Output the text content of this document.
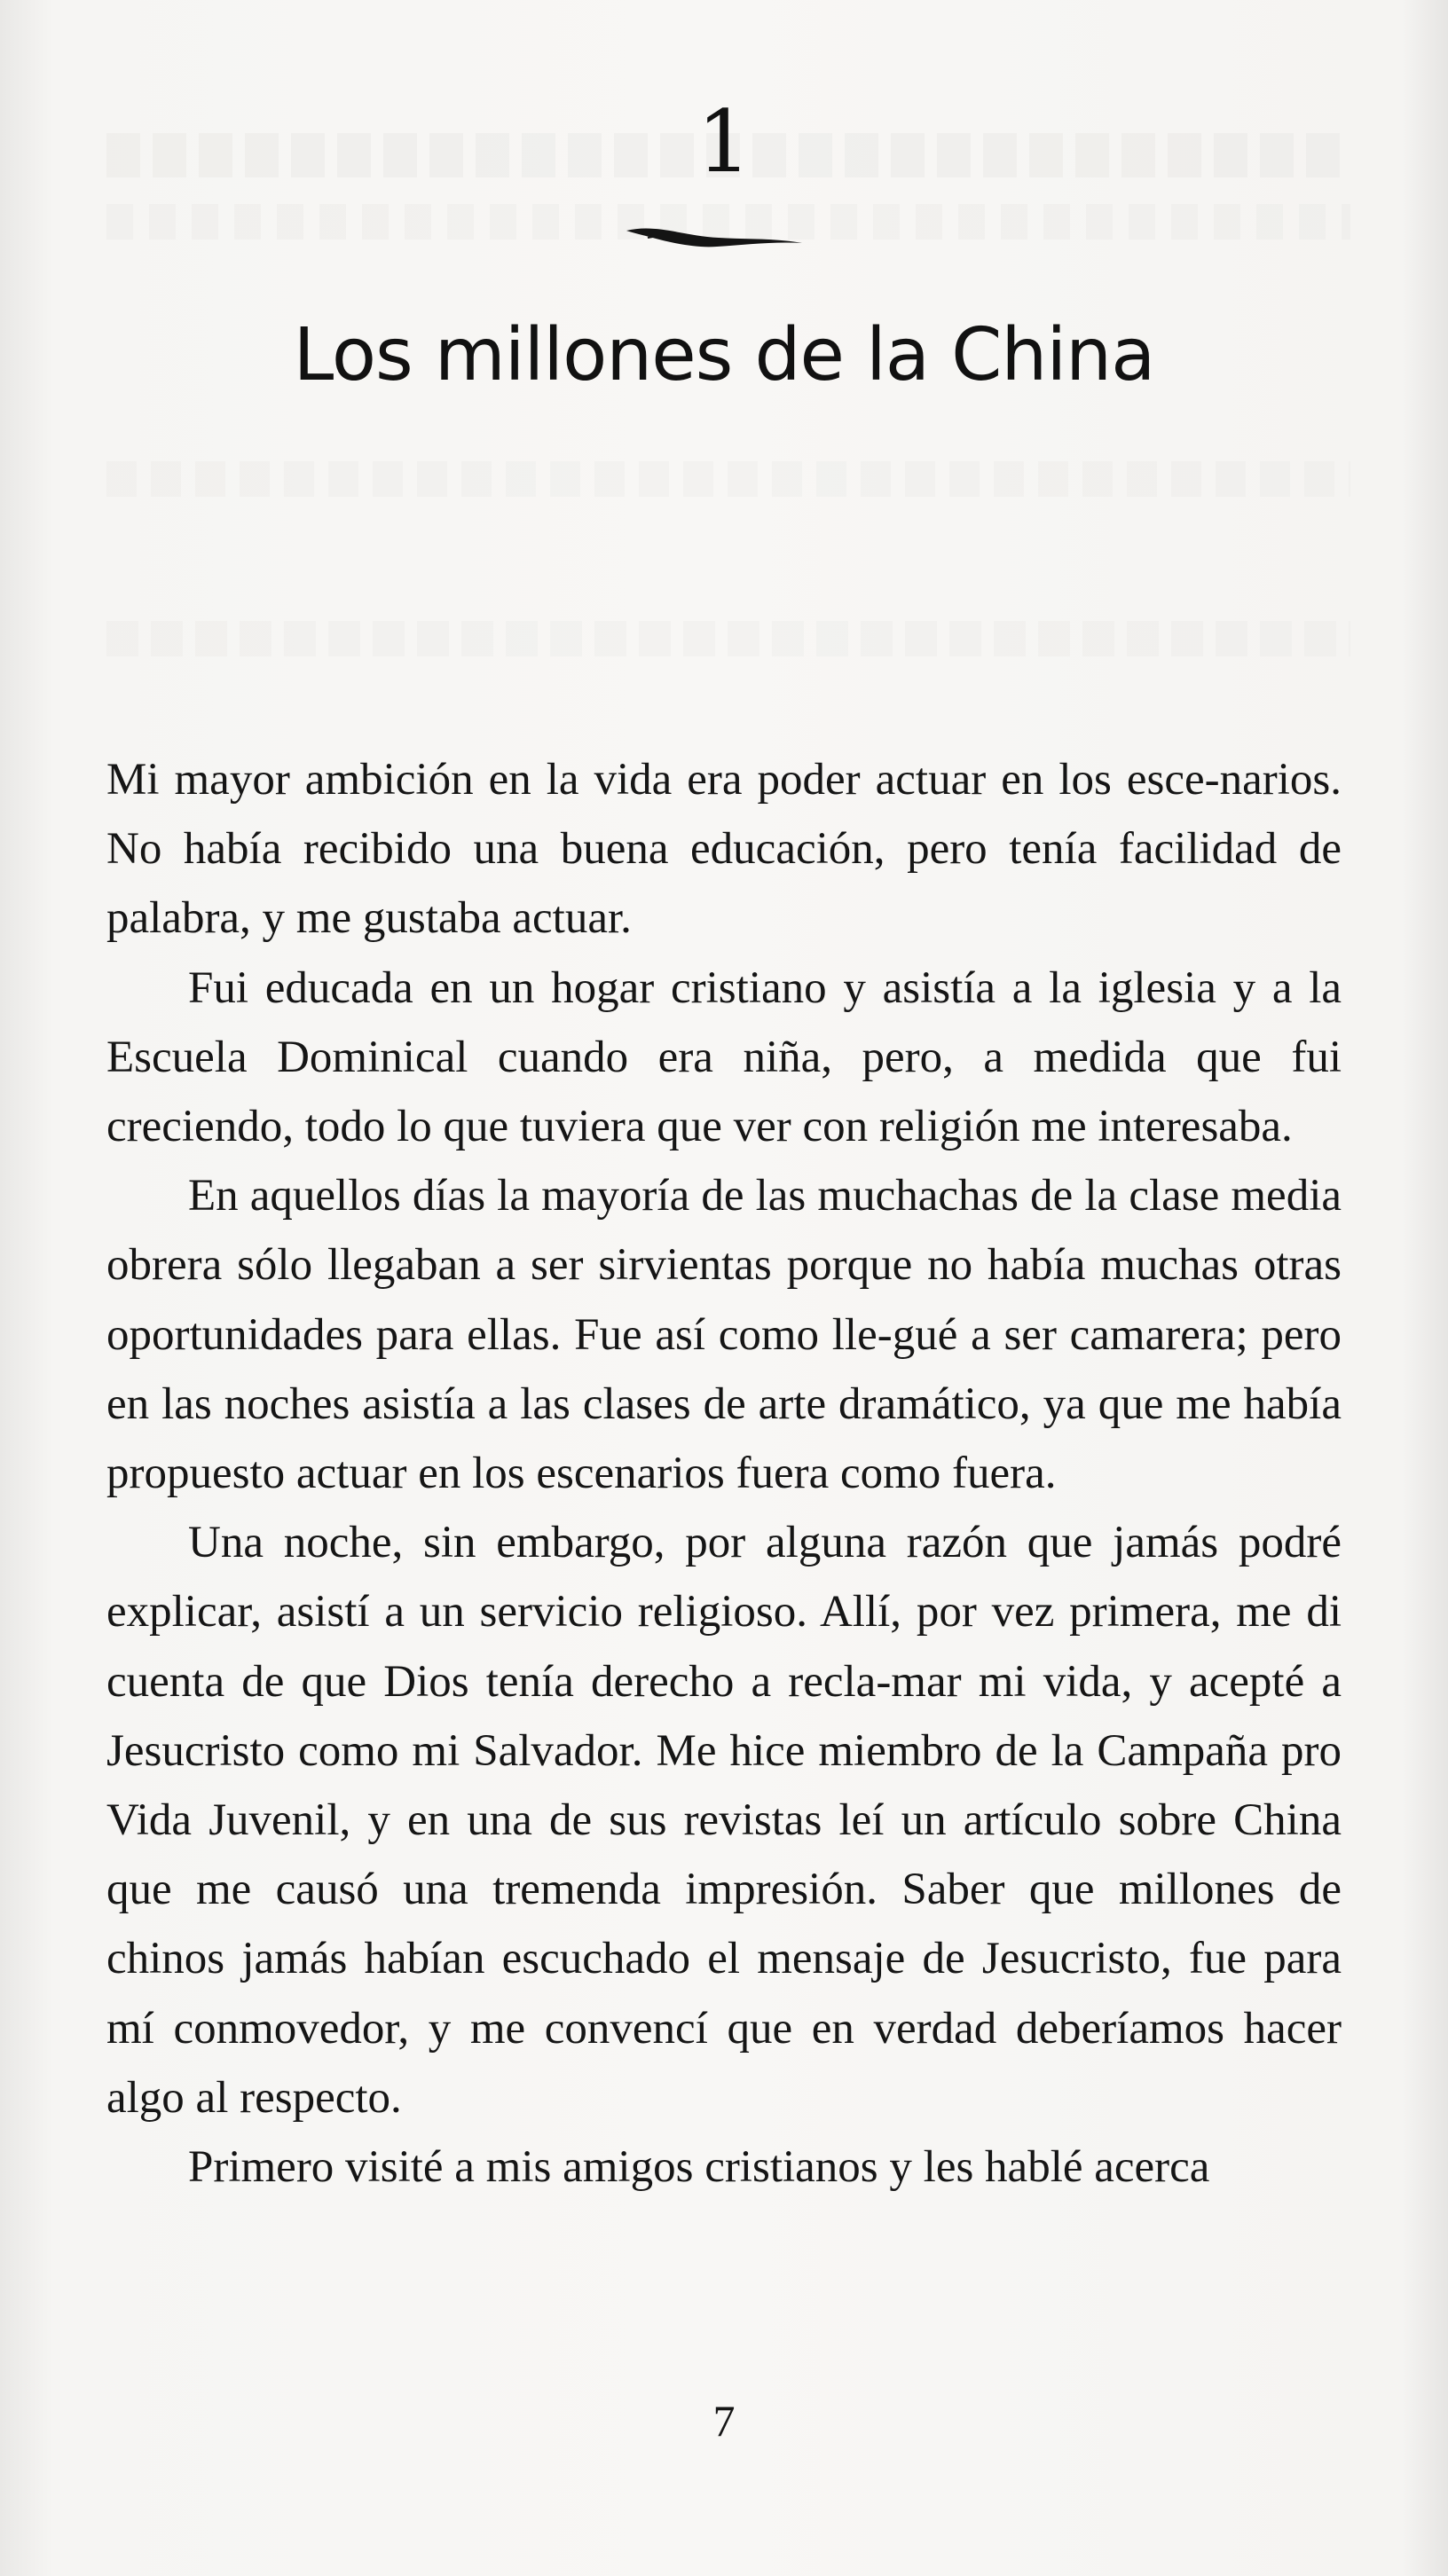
1
Los millones de la China

Mi mayor ambición en la vida era poder actuar en los esce-narios. No había recibido una buena educación, pero tenía facilidad de palabra, y me gustaba actuar.

Fui educada en un hogar cristiano y asistía a la iglesia y a la Escuela Dominical cuando era niña, pero, a medida que fui creciendo, todo lo que tuviera que ver con religión me interesaba.

En aquellos días la mayoría de las muchachas de la clase media obrera sólo llegaban a ser sirvientas porque no había muchas otras oportunidades para ellas. Fue así como lle-gué a ser camarera; pero en las noches asistía a las clases de arte dramático, ya que me había propuesto actuar en los escenarios fuera como fuera.

Una noche, sin embargo, por alguna razón que jamás podré explicar, asistí a un servicio religioso. Allí, por vez primera, me di cuenta de que Dios tenía derecho a recla-mar mi vida, y acepté a Jesucristo como mi Salvador. Me hice miembro de la Campaña pro Vida Juvenil, y en una de sus revistas leí un artículo sobre China que me causó una tremenda impresión. Saber que millones de chinos jamás habían escuchado el mensaje de Jesucristo, fue para mí conmovedor, y me convencí que en verdad deberíamos hacer algo al respecto.

Primero visité a mis amigos cristianos y les hablé acerca

7
